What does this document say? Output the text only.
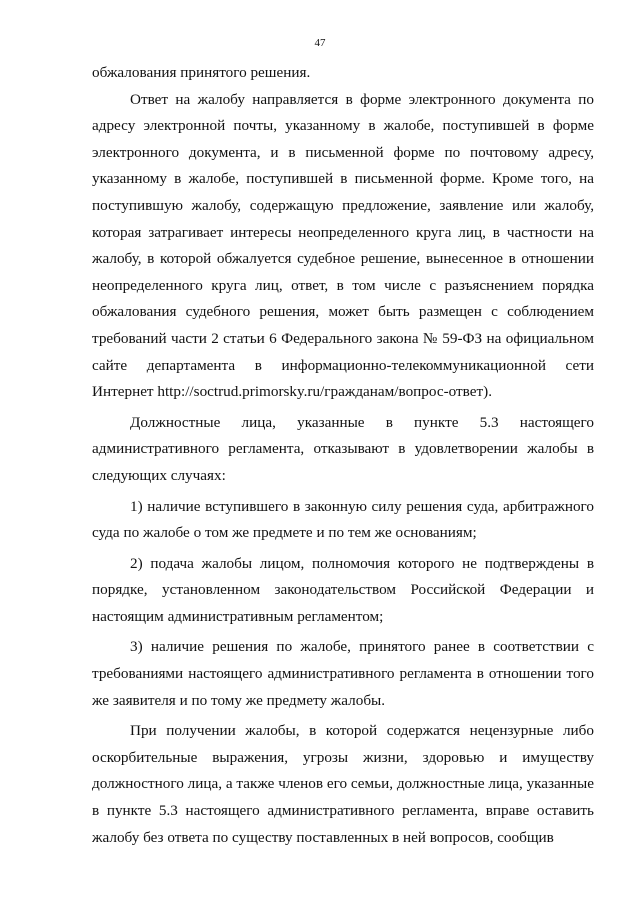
47

обжалования принятого решения.

Ответ на жалобу направляется в форме электронного документа по адресу электронной почты, указанному в жалобе, поступившей в форме электронного документа, и в письменной форме по почтовому адресу, указанному в жалобе, поступившей в письменной форме. Кроме того, на поступившую жалобу, содержащую предложение, заявление или жалобу, которая затрагивает интересы неопределенного круга лиц, в частности на жалобу, в которой обжалуется судебное решение, вынесенное в отношении неопределенного круга лиц, ответ, в том числе с разъяснением порядка обжалования судебного решения, может быть размещен с соблюдением требований части 2 статьи 6 Федерального закона № 59-ФЗ на официальном сайте департамента в информационно-телекоммуникационной сети Интернет http://soctrud.primorsky.ru/гражданам/вопрос-ответ).

Должностные лица, указанные в пункте 5.3 настоящего административного регламента, отказывают в удовлетворении жалобы в следующих случаях:

1) наличие вступившего в законную силу решения суда, арбитражного суда по жалобе о том же предмете и по тем же основаниям;

2) подача жалобы лицом, полномочия которого не подтверждены в порядке, установленном законодательством Российской Федерации и настоящим административным регламентом;

3) наличие решения по жалобе, принятого ранее в соответствии с требованиями настоящего административного регламента в отношении того же заявителя и по тому же предмету жалобы.

При получении жалобы, в которой содержатся нецензурные либо оскорбительные выражения, угрозы жизни, здоровью и имуществу должностного лица, а также членов его семьи, должностные лица, указанные в пункте 5.3 настоящего административного регламента, вправе оставить жалобу без ответа по существу поставленных в ней вопросов, сообщив
